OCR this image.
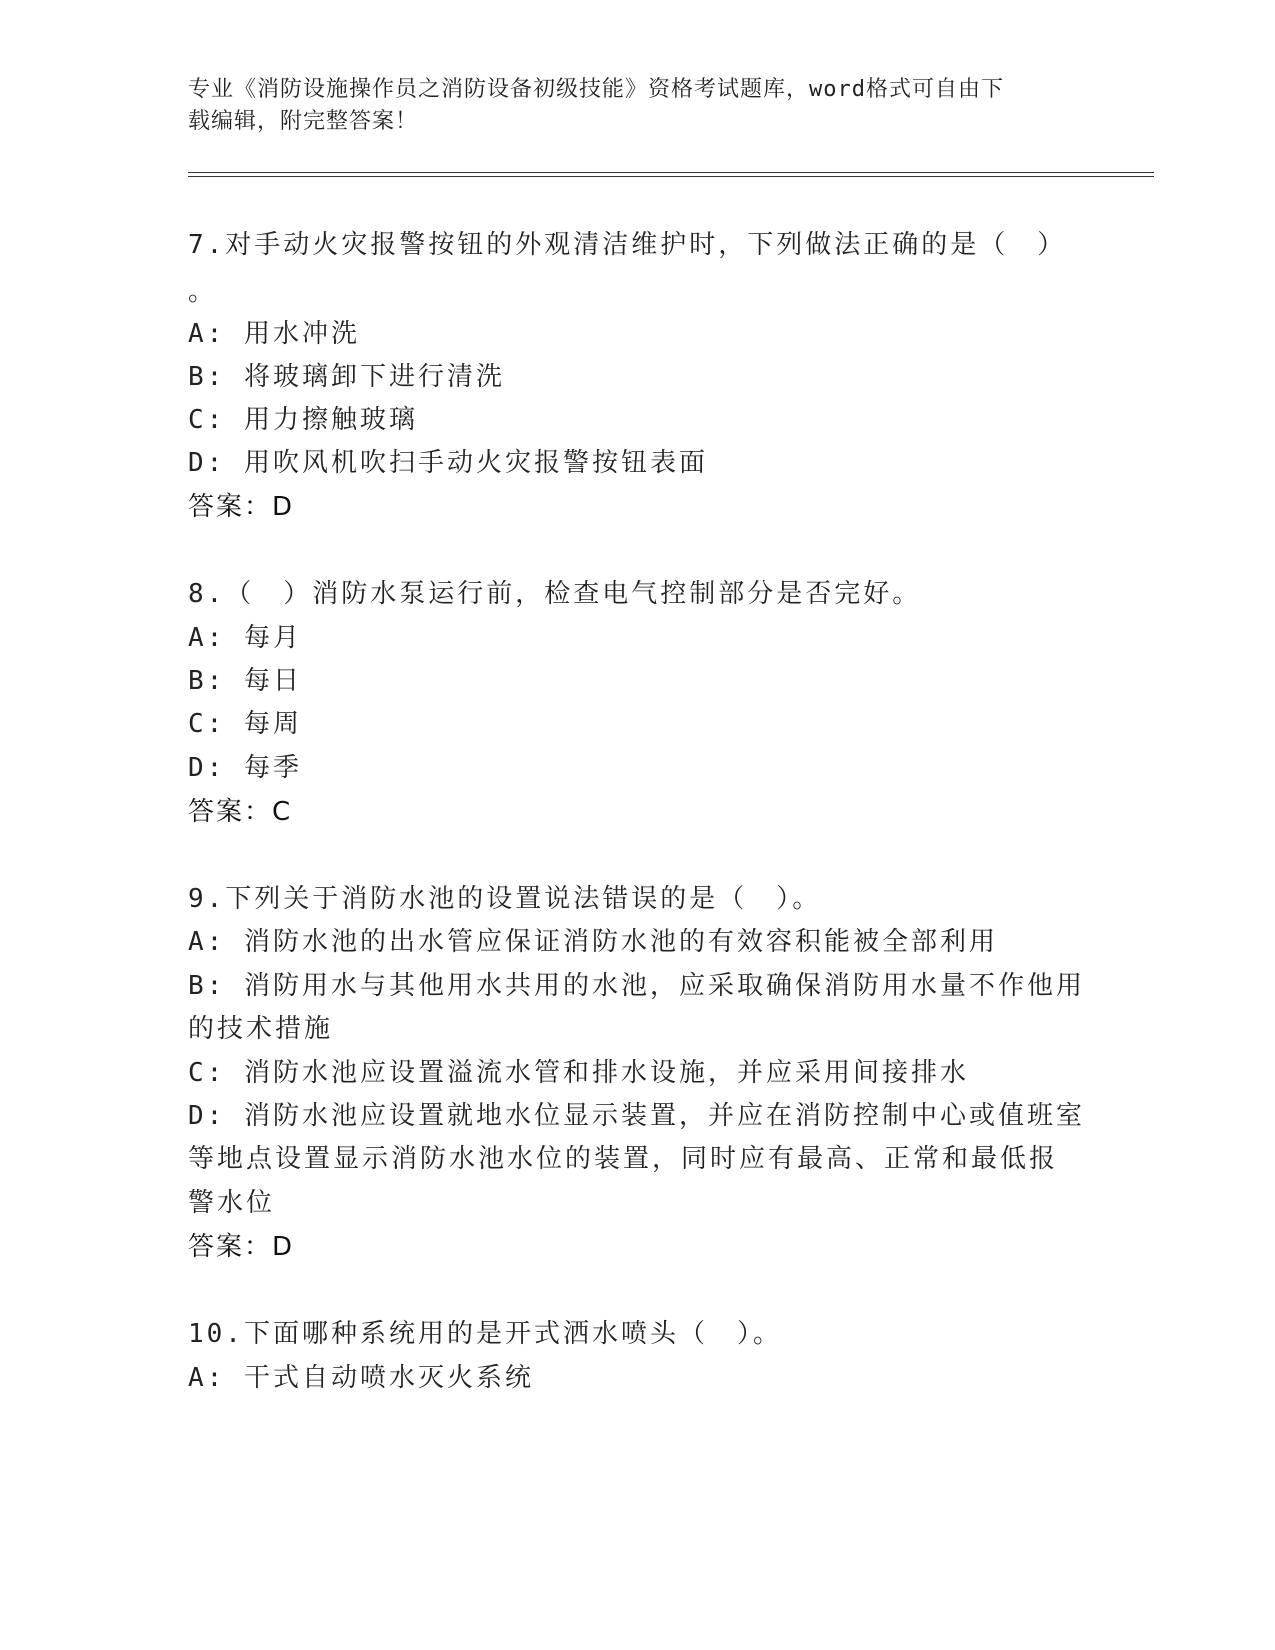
专业《消防设施操作员之消防设备初级技能》资格考试题库，word格式可自由下
载编辑，附完整答案！
7.对手动火灾报警按钮的外观清洁维护时，下列做法正确的是（　）
。
A: 用水冲洗
B: 将玻璃卸下进行清洗
C: 用力擦触玻璃
D: 用吹风机吹扫手动火灾报警按钮表面
答案：D
8.（　）消防水泵运行前，检查电气控制部分是否完好。
A: 每月
B: 每日
C: 每周
D: 每季
答案：C
9.下列关于消防水池的设置说法错误的是（　）。
A: 消防水池的出水管应保证消防水池的有效容积能被全部利用
B: 消防用水与其他用水共用的水池，应采取确保消防用水量不作他用
的技术措施
C: 消防水池应设置溢流水管和排水设施，并应采用间接排水
D: 消防水池应设置就地水位显示装置，并应在消防控制中心或值班室
等地点设置显示消防水池水位的装置，同时应有最高、正常和最低报
警水位
答案：D
10.下面哪种系统用的是开式洒水喷头（　）。
A: 干式自动喷水灭火系统
